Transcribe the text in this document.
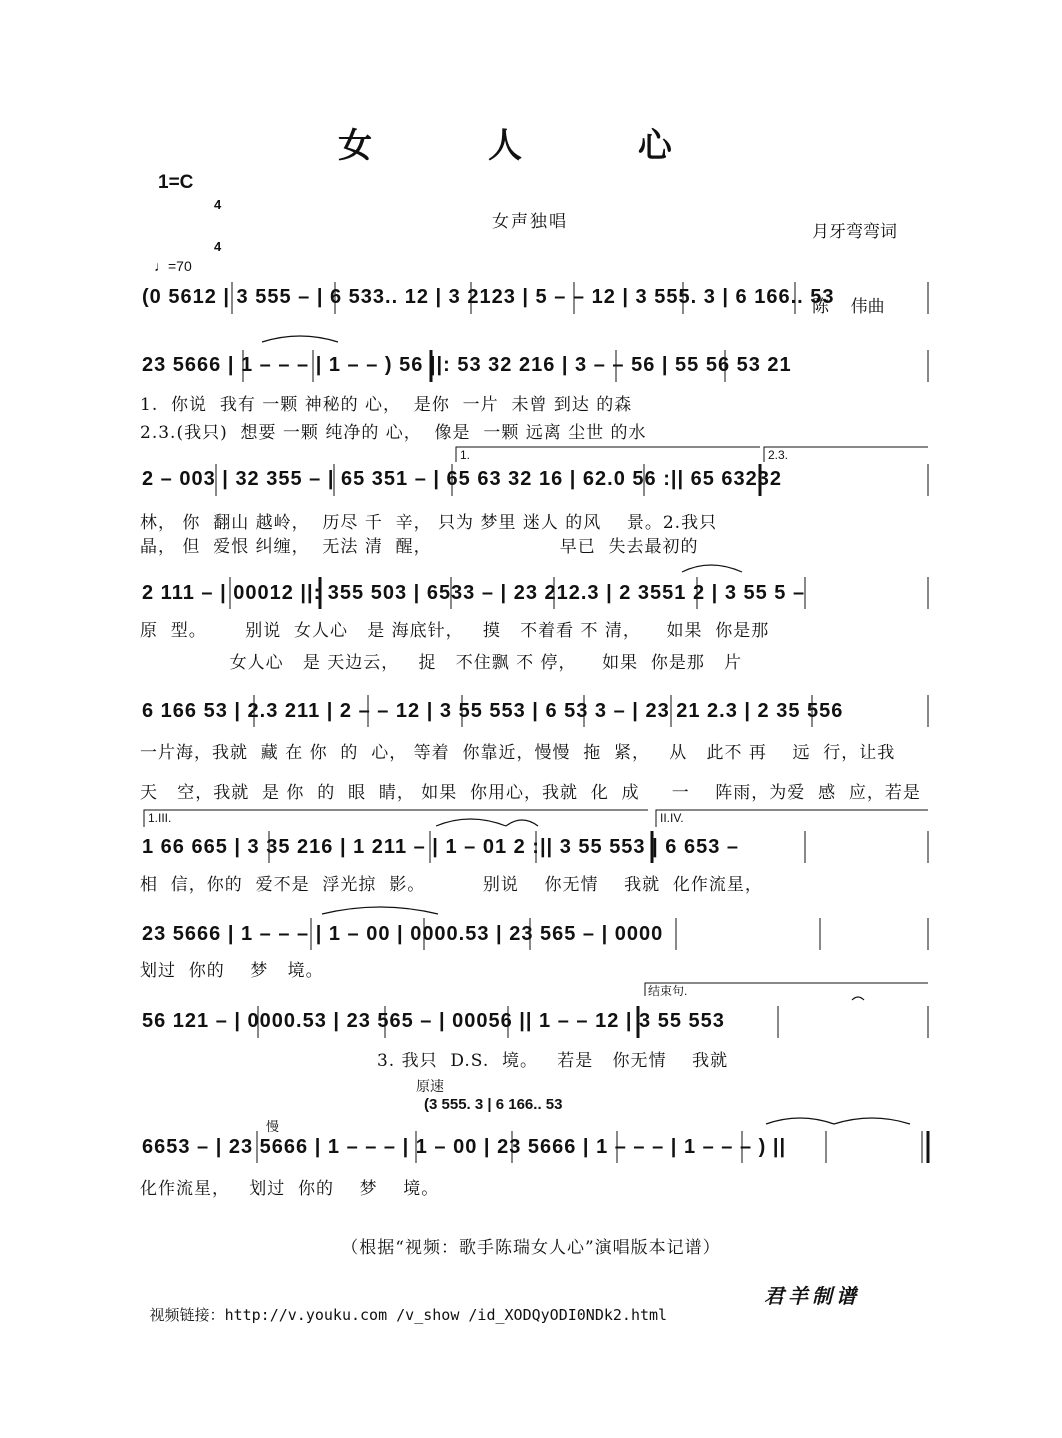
女 人 心
1=C

4

4

月牙弯弯词

陈    伟曲

女声独唱
♩=70
(0 5612 | 3 555 – | 6 533.. 12 | 3 2123 | 5 – – 12 | 3 555. 3 | 6 166.. 53
23 5666 | 1 – – – | 1 – – ) 56 ||: 53 32 216 | 3 – – 56 | 55 56 53 21
1.  你说  我有 一颗 神秘的 心，  是你  一片  未曾 到达 的森
2.3.(我只)  想要 一颗 纯净的 心，  像是  一颗 远离 尘世 的水
1.	2.3.
2 – 003 | 32 355 – | 65 351 – | 65 63 32 16 | 62.0 56 :|| 65 63232
林， 你  翻山 越岭，  历尽 千  辛， 只为 梦里 迷人 的风    景。2.我只
晶， 但  爱恨 纠缠，  无法 清  醒，                    早已  失去最初的
2 111 – | 00012 ||: 355 503 | 6533 – | 23 212.3 | 2 3551 2 | 3 55 5 –
原  型。      别说  女人心   是 海底针，   摸   不着看 不 清，    如果  你是那
女人心   是 天边云，   捉   不住飘 不 停，    如果  你是那   片
6 166 53 | 2.3 211 | 2 – – 12 | 3 55 553 | 6 53 3 – | 23 21 2.3 | 2 35 556
一片海，我就  藏 在 你  的  心， 等着  你靠近，慢慢  拖  紧，   从   此不 再    远  行，让我
天   空，我就  是 你  的  眼  睛， 如果  你用心，我就  化  成     一    阵雨，为爱  感  应，若是
1.III.	II.IV.
1 66 665 | 3 35 216 | 1 211 – | 1 – 01 2 :|| 3 55 553 | 6 653 –
相  信，你的  爱不是  浮光掠  影。         别说    你无情    我就  化作流星，
23 5666 | 1 – – – | 1 – 00 | 0000.53 | 23 565 – | 0000
划过  你的    梦   境。
结束句.
56 121 – | 0000.53 | 23 565 – | 00056 || 1 – – 12 | 3 55 553
3. 我只  D.S.  境。   若是   你无情    我就
原速
(3 555. 3 | 6 166.. 53
慢
6653 – | 23 5666 | 1 – – – | 1 – 00 | 23 5666 | 1 – – – | 1 – – – ) ||
化作流星，   划过  你的    梦    境。
（根据“视频：歌手陈瑞女人心”演唱版本记谱）

视频链接：http://v.youku.com /v_show /id_XODQyODI0NDk2.html

君羊制谱
